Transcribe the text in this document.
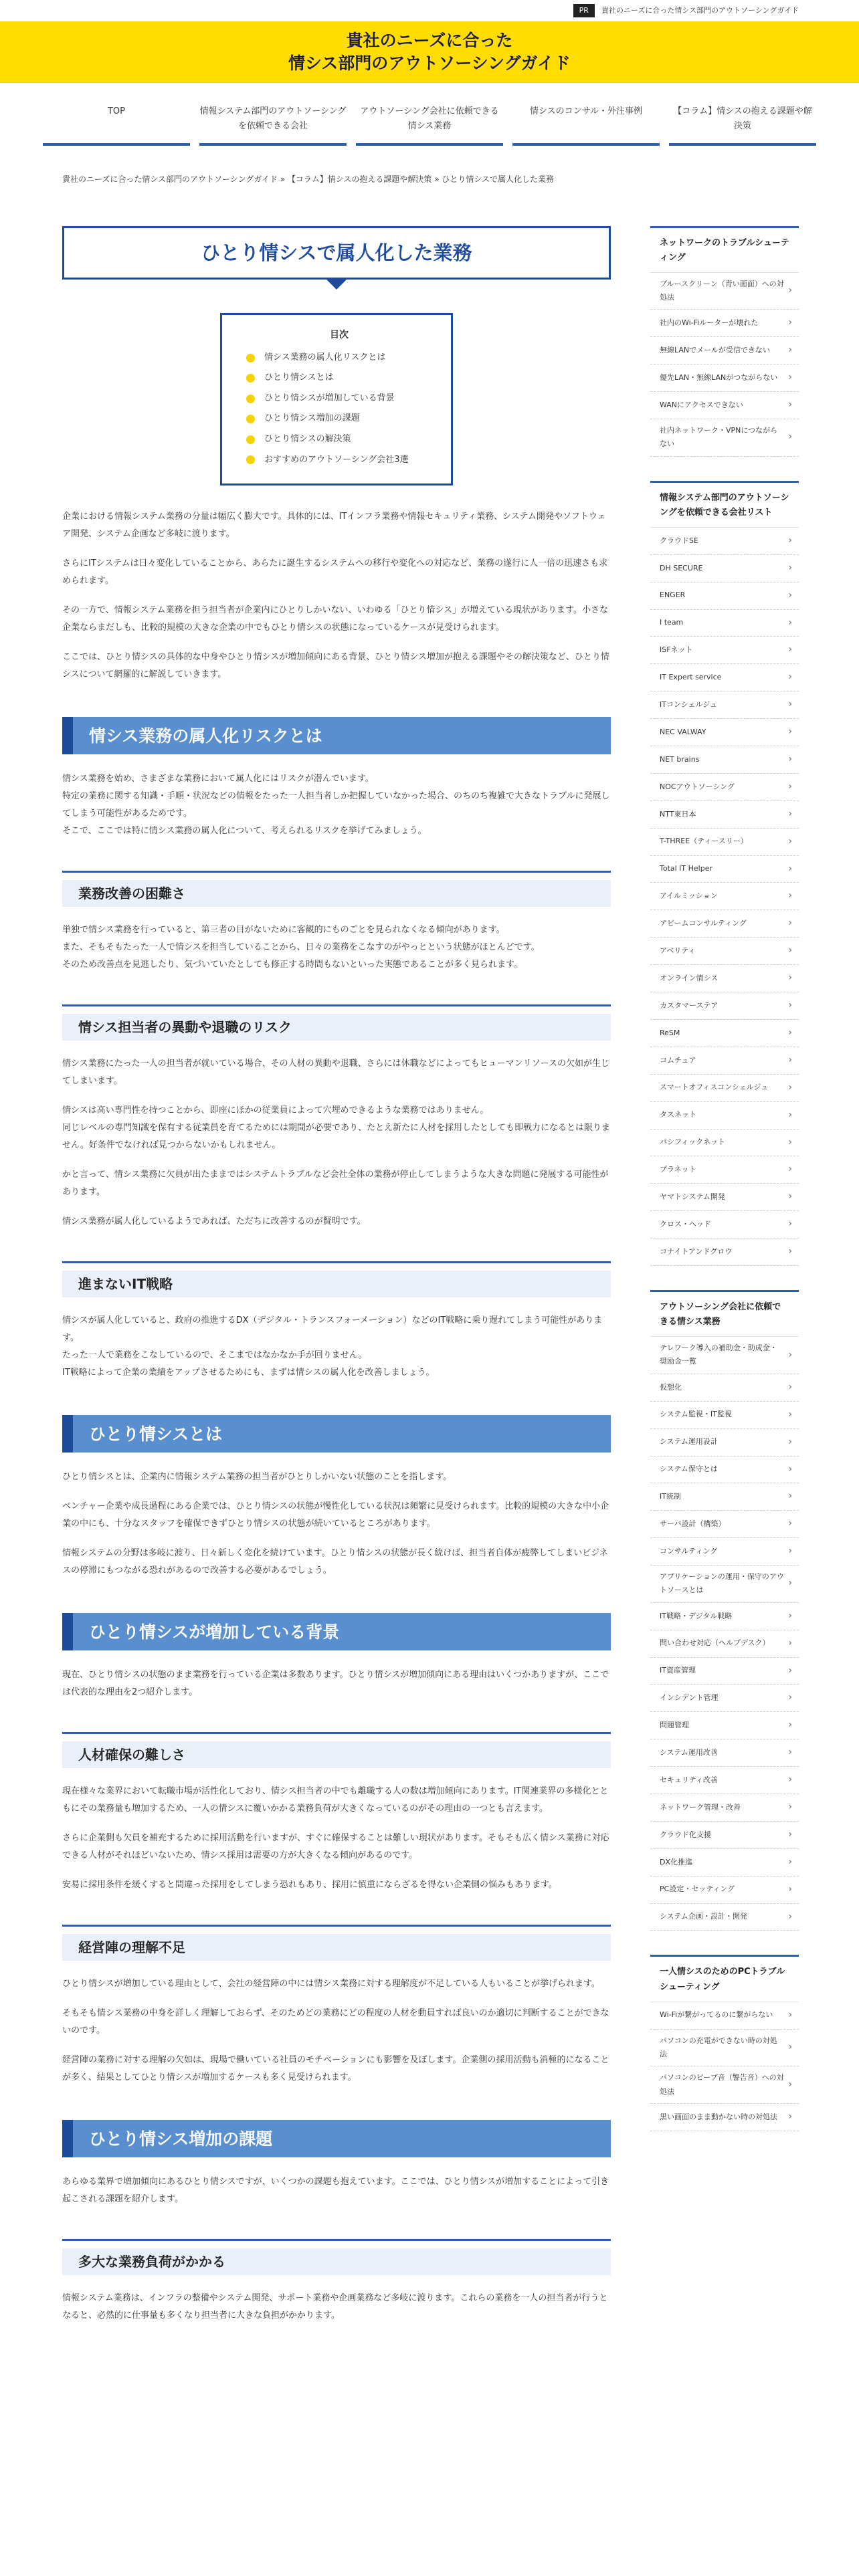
PR	貴社のニーズに合った情シス部門のアウトソーシングガイド
貴社のニーズに合った
情シス部門のアウトソーシングガイド
TOP	情報システム部門のアウトソーシングを依頼できる会社
アウトソーシング会社に依頼できる情シス業務
情シスのコンサル・外注事例	【コラム】情シスの抱える課題や解決策
貴社のニーズに合った情シス部門のアウトソーシングガイド » 【コラム】情シスの抱える課題や解決策 » ひとり情シスで属人化した業務
ひとり情シスで属人化した業務
目次
情シス業務の属人化リスクとは
ひとり情シスとは
ひとり情シスが増加している背景
ひとり情シス増加の課題
ひとり情シスの解決策
おすすめのアウトソーシング会社3選

企業における情報システム業務の分量は幅広く膨大です。具体的には、ITインフラ業務や情報セキュリティ業務、システム開発やソフトウェア開発、システム企画など多岐に渡ります。

さらにITシステムは日々変化していることから、あらたに誕生するシステムへの移行や変化への対応など、業務の遂行に人一倍の迅速さも求められます。

その一方で、情報システム業務を担う担当者が企業内にひとりしかいない、いわゆる「ひとり情シス」が増えている現状があります。小さな企業ならまだしも、比較的規模の大きな企業の中でもひとり情シスの状態になっているケースが見受けられます。

ここでは、ひとり情シスの具体的な中身やひとり情シスが増加傾向にある背景、ひとり情シス増加が抱える課題やその解決策など、ひとり情シスについて網羅的に解説していきます。

情シス業務の属人化リスクとは

情シス業務を始め、さまざまな業務において属人化にはリスクが潜んでいます。
特定の業務に関する知識・手順・状況などの情報をたった一人担当者しか把握していなかった場合、のちのち複雑で大きなトラブルに発展してしまう可能性があるためです。
そこで、ここでは特に情シス業務の属人化について、考えられるリスクを挙げてみましょう。

業務改善の困難さ

単独で情シス業務を行っていると、第三者の目がないために客観的にものごとを見られなくなる傾向があります。
また、そもそもたった一人で情シスを担当していることから、日々の業務をこなすのがやっとという状態がほとんどです。
そのため改善点を見逃したり、気づいていたとしても修正する時間もないといった実態であることが多く見られます。

情シス担当者の異動や退職のリスク

情シス業務にたった一人の担当者が就いている場合、その人材の異動や退職、さらには休職などによってもヒューマンリソースの欠如が生じてしまいます。

情シスは高い専門性を持つことから、即座にほかの従業員によって穴埋めできるような業務ではありません。
同じレベルの専門知識を保有する従業員を育てるためには期間が必要であり、たとえ新たに人材を採用したとしても即戦力になるとは限りません。好条件でなければ見つからないかもしれません。

かと言って、情シス業務に欠員が出たままではシステムトラブルなど会社全体の業務が停止してしまうような大きな問題に発展する可能性があります。

情シス業務が属人化しているようであれば、ただちに改善するのが賢明です。

進まないIT戦略

情シスが属人化していると、政府の推進するDX（デジタル・トランスフォーメーション）などのIT戦略に乗り遅れてしまう可能性があります。
たった一人で業務をこなしているので、そこまではなかなか手が回りません。
IT戦略によって企業の業績をアップさせるためにも、まずは情シスの属人化を改善しましょう。

ひとり情シスとは

ひとり情シスとは、企業内に情報システム業務の担当者がひとりしかいない状態のことを指します。

ベンチャー企業や成長過程にある企業では、ひとり情シスの状態が慢性化している状況は頻繁に見受けられます。比較的規模の大きな中小企業の中にも、十分なスタッフを確保できずひとり情シスの状態が続いているところがあります。

情報システムの分野は多岐に渡り、日々新しく変化を続けています。ひとり情シスの状態が長く続けば、担当者自体が疲弊してしまいビジネスの停滞にもつながる恐れがあるので改善する必要があるでしょう。

ひとり情シスが増加している背景

現在、ひとり情シスの状態のまま業務を行っている企業は多数あります。ひとり情シスが増加傾向にある理由はいくつかありますが、ここでは代表的な理由を2つ紹介します。

人材確保の難しさ

現在様々な業界において転職市場が活性化しており、情シス担当者の中でも離職する人の数は増加傾向にあります。IT関連業界の多様化とともにその業務量も増加するため、一人の情シスに覆いかかる業務負荷が大きくなっているのがその理由の一つとも言えます。

さらに企業側も欠員を補充するために採用活動を行いますが、すぐに確保することは難しい現状があります。そもそも広く情シス業務に対応できる人材がそれほどいないため、情シス採用は需要の方が大きくなる傾向があるのです。

安易に採用条件を緩くすると間違った採用をしてしまう恐れもあり、採用に慎重にならざるを得ない企業側の悩みもあります。

経営陣の理解不足

ひとり情シスが増加している理由として、会社の経営陣の中には情シス業務に対する理解度が不足している人もいることが挙げられます。

そもそも情シス業務の中身を詳しく理解しておらず、そのためどの業務にどの程度の人材を動員すれば良いのか適切に判断することができないのです。

経営陣の業務に対する理解の欠如は、現場で働いている社員のモチベーションにも影響を及ぼします。企業側の採用活動も消極的になることが多く、結果としてひとり情シスが増加するケースも多く見受けられます。

ひとり情シス増加の課題

あらゆる業界で増加傾向にあるひとり情シスですが、いくつかの課題も抱えています。ここでは、ひとり情シスが増加することによって引き起こされる課題を紹介します。

多大な業務負荷がかかる

情報システム業務は、インフラの整備やシステム開発、サポート業務や企画業務など多岐に渡ります。これらの業務を一人の担当者が行うとなると、必然的に仕事量も多くなり担当者に大きな負担がかかります。

ネットワークのトラブルシューティング
ブルースクリーン（青い画面）への対処法
›
社内のWi-Fiルーターが壊れた	›
無線LANでメールが受信できない	›
優先LAN・無線LANがつながらない	›
WANにアクセスできない	›
社内ネットワーク・VPNにつながらない
›
情報システム部門のアウトソーシングを依頼できる会社リスト
クラウドSE	›
DH SECURE	›
ENGER	›
I team	›
ISFネット	›
IT Expert service	›
ITコンシェルジュ	›
NEC VALWAY	›
NET brains	›
NOCアウトソーシング	›
NTT東日本	›
T-THREE（ティースリー）	›
Total IT Helper	›
アイルミッション	›
アビームコンサルティング	›
アベリティ	›
オンライン情シス	›
カスタマーステア	›
ReSM	›
コムチュア	›
スマートオフィスコンシェルジュ	›
タスネット	›
パシフィックネット	›
プラネット	›
ヤマトシステム開発	›
クロス・ヘッド	›
コナイトアンドグロウ	›
アウトソーシング会社に依頼できる情シス業務
テレワーク導入の補助金・助成金・奨励金一覧
›
仮想化	›
システム監視・IT監視	›
システム運用設計	›
システム保守とは	›
IT統制	›
サーバ設計（構築）	›
コンサルティング	›
アプリケーションの運用・保守のアウトソースとは
›
IT戦略・デジタル戦略	›
問い合わせ対応（ヘルプデスク）	›
IT資産管理	›
インシデント管理	›
問題管理	›
システム運用改善	›
セキュリティ改善	›
ネットワーク管理・改善	›
クラウド化支援	›
DX化推進	›
PC設定・セッティング	›
システム企画・設計・開発	›
一人情シスのためのPCトラブルシューティング
Wi-Fiが繋がってるのに繋がらない	›
パソコンの充電ができない時の対処法
›
パソコンのビープ音（警告音）への対処法
›
黒い画面のまま動かない時の対処法	›
